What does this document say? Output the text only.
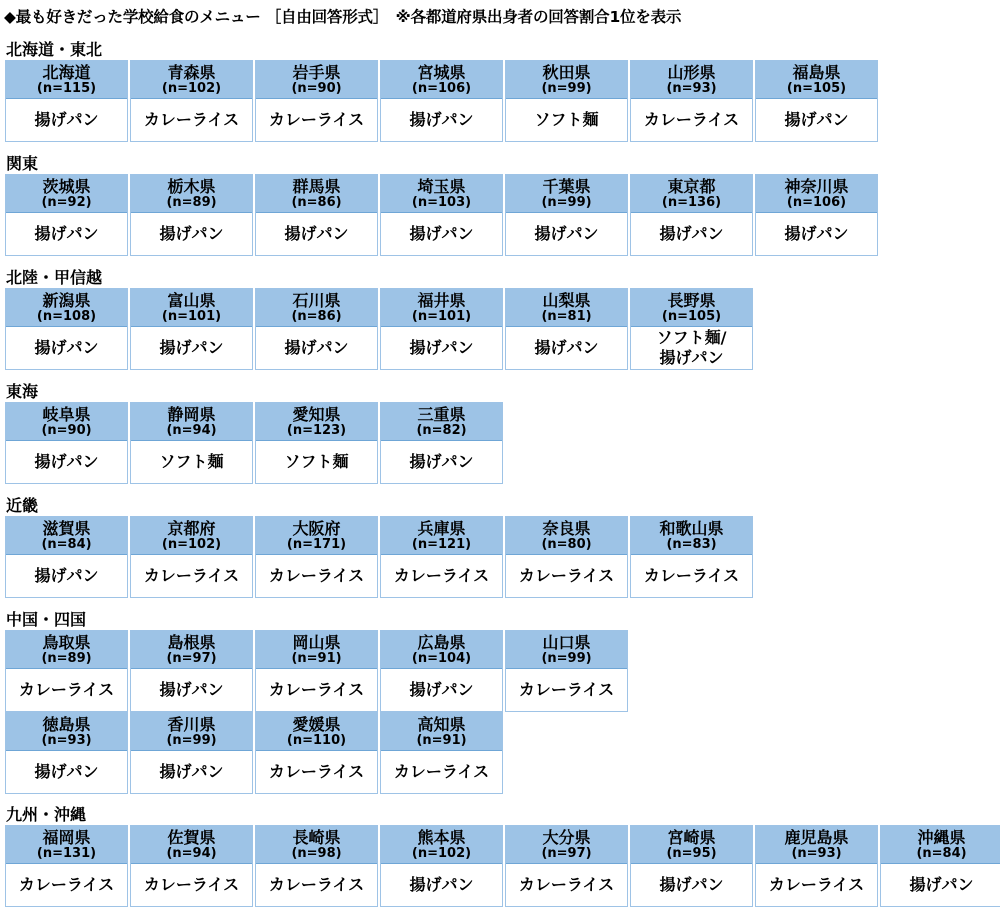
◆最も好きだった学校給食のメニュー ［自由回答形式］　※各都道府県出身者の回答割合1位を表示
北海道・東北
北海道
(n=115)
揚げパン
青森県
(n=102)
カレーライス
岩手県
(n=90)
カレーライス
宮城県
(n=106)
揚げパン
秋田県
(n=99)
ソフト麺
山形県
(n=93)
カレーライス
福島県
(n=105)
揚げパン
関東
茨城県
(n=92)
揚げパン
栃木県
(n=89)
揚げパン
群馬県
(n=86)
揚げパン
埼玉県
(n=103)
揚げパン
千葉県
(n=99)
揚げパン
東京都
(n=136)
揚げパン
神奈川県
(n=106)
揚げパン
北陸・甲信越
新潟県
(n=108)
揚げパン
富山県
(n=101)
揚げパン
石川県
(n=86)
揚げパン
福井県
(n=101)
揚げパン
山梨県
(n=81)
揚げパン
長野県
(n=105)
ソフト麺/
揚げパン
東海
岐阜県
(n=90)
揚げパン
静岡県
(n=94)
ソフト麺
愛知県
(n=123)
ソフト麺
三重県
(n=82)
揚げパン
近畿
滋賀県
(n=84)
揚げパン
京都府
(n=102)
カレーライス
大阪府
(n=171)
カレーライス
兵庫県
(n=121)
カレーライス
奈良県
(n=80)
カレーライス
和歌山県
(n=83)
カレーライス
中国・四国
鳥取県
(n=89)
カレーライス
島根県
(n=97)
揚げパン
岡山県
(n=91)
カレーライス
広島県
(n=104)
揚げパン
山口県
(n=99)
カレーライス
徳島県
(n=93)
揚げパン
香川県
(n=99)
揚げパン
愛媛県
(n=110)
カレーライス
高知県
(n=91)
カレーライス
九州・沖縄
福岡県
(n=131)
カレーライス
佐賀県
(n=94)
カレーライス
長崎県
(n=98)
カレーライス
熊本県
(n=102)
揚げパン
大分県
(n=97)
カレーライス
宮崎県
(n=95)
揚げパン
鹿児島県
(n=93)
カレーライス
沖縄県
(n=84)
揚げパン
